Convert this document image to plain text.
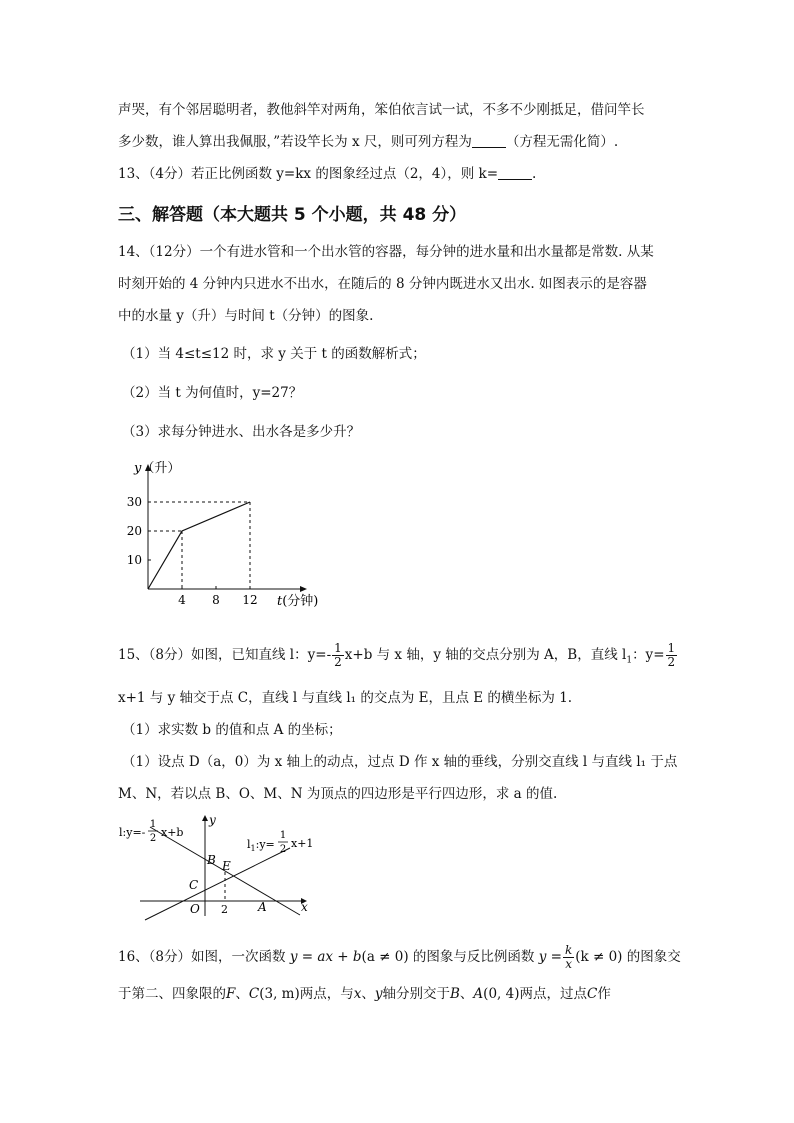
声哭，有个邻居聪明者，教他斜竿对两角，笨伯依言试一试，不多不少刚抵足，借问竿长
多少数，谁人算出我佩服，”若设竿长为 x 尺，则可列方程为	（方程无需化简）.
13、（4分）若正比例函数 y=kx 的图象经过点（2，4），则 k=	.
三、解答题（本大题共 5 个小题，共 48 分）
14、（12分）一个有进水管和一个出水管的容器，每分钟的进水量和出水量都是常数. 从某
时刻开始的 4 分钟内只进水不出水，在随后的 8 分钟内既进水又出水. 如图表示的是容器
中的水量 y（升）与时间 t（分钟）的图象.
（1）当 4≤t≤12 时，求 y 关于 t 的函数解析式；
（2）当 t 为何值时，y=27？
（3）求每分钟进水、出水各是多少升？
y（升）
t(分钟)
4 8 12
10
20
30
15、（8分）如图，已知直线 l：$y=- \frac{1}{2} x+b$ 与 x 轴，y 轴的交点分别为 A，B，直线 $l_1$：$y= \frac{1}{2}$
x+1 与 y 轴交于点 C，直线 l 与直线 l₁ 的交点为 E，且点 E 的横坐标为 1.
（1）求实数 b 的值和点 A 的坐标；
（1）设点 D（a，0）为 x 轴上的动点，过点 D 作 x 轴的垂线，分别交直线 l 与直线 l₁ 于点
M、N，若以点 B、O、M、N 为顶点的四边形是平行四边形，求 a 的值.
l:y=-
1
2 x+b
$l_1:y=$
1
2 x+1
y
x
B E
C
O 2	A
16、（8分）如图，一次函数 y = ax + b(a ≠ 0) 的图象与反比例函数 $y = \frac{k}{x} (k \ne 0)$ 的图象交
于第二、四象限的F、C(3, m)两点，与x、y轴分别交于B、A(0, 4)两点，过点C作
